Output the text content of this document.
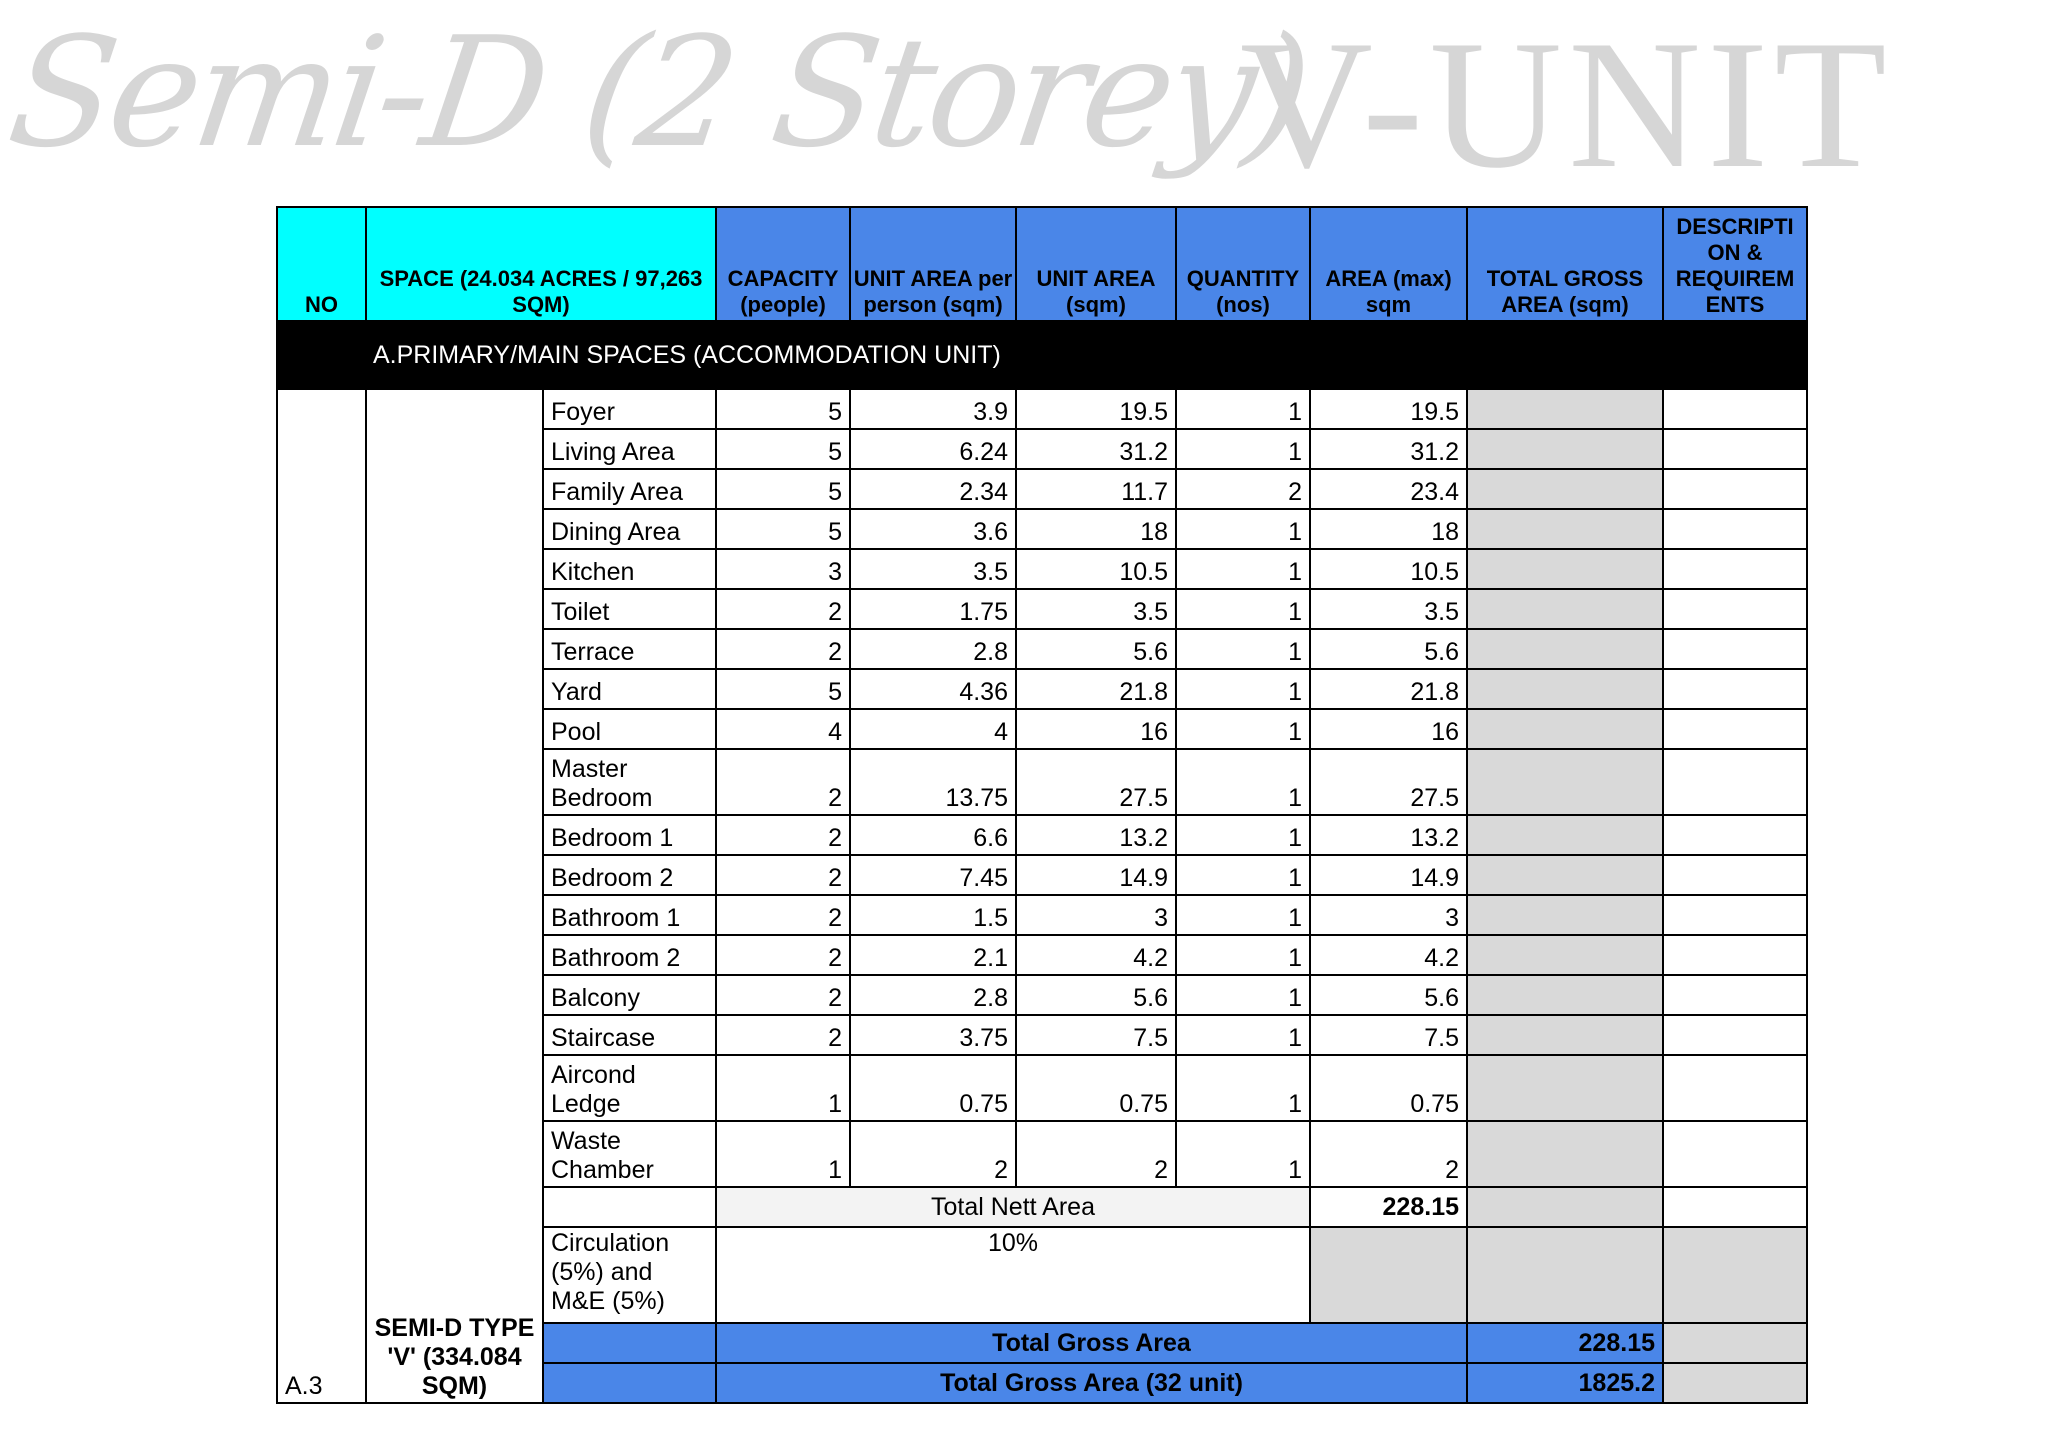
Semi-D (2 Storey)
V-UNIT
NO	SPACE (24.034 ACRES / 97,263 SQM)		CAPACITY (people)	UNIT AREA per person (sqm)	UNIT AREA (sqm)	QUANTITY (nos)	AREA (max) sqm	TOTAL GROSS AREA (sqm)	DESCRIPTI ON & REQUIREM ENTS
	A.PRIMARY/MAIN SPACES (ACCOMMODATION UNIT)								
A.3	SEMI-D TYPE 'V' (334.084 SQM)	Foyer	5	3.9	19.5	1	19.5		
		Living Area	5	6.24	31.2	1	31.2		
		Family Area	5	2.34	11.7	2	23.4		
		Dining Area	5	3.6	18	1	18		
		Kitchen	3	3.5	10.5	1	10.5		
		Toilet	2	1.75	3.5	1	3.5		
		Terrace	2	2.8	5.6	1	5.6		
		Yard	5	4.36	21.8	1	21.8		
		Pool	4	4	16	1	16		
		Master Bedroom	2	13.75	27.5	1	27.5		
		Bedroom 1	2	6.6	13.2	1	13.2		
		Bedroom 2	2	7.45	14.9	1	14.9		
		Bathroom 1	2	1.5	3	1	3		
		Bathroom 2	2	2.1	4.2	1	4.2		
		Balcony	2	2.8	5.6	1	5.6		
		Staircase	2	3.75	7.5	1	7.5		
		Aircond Ledge	1	0.75	0.75	1	0.75		
		Waste Chamber	1	2	2	1	2		
			Total Nett Area				228.15		
		Circulation (5%) and M&E (5%)	10%						
			Total Gross Area					228.15	
			Total Gross Area (32 unit)					1825.2	
